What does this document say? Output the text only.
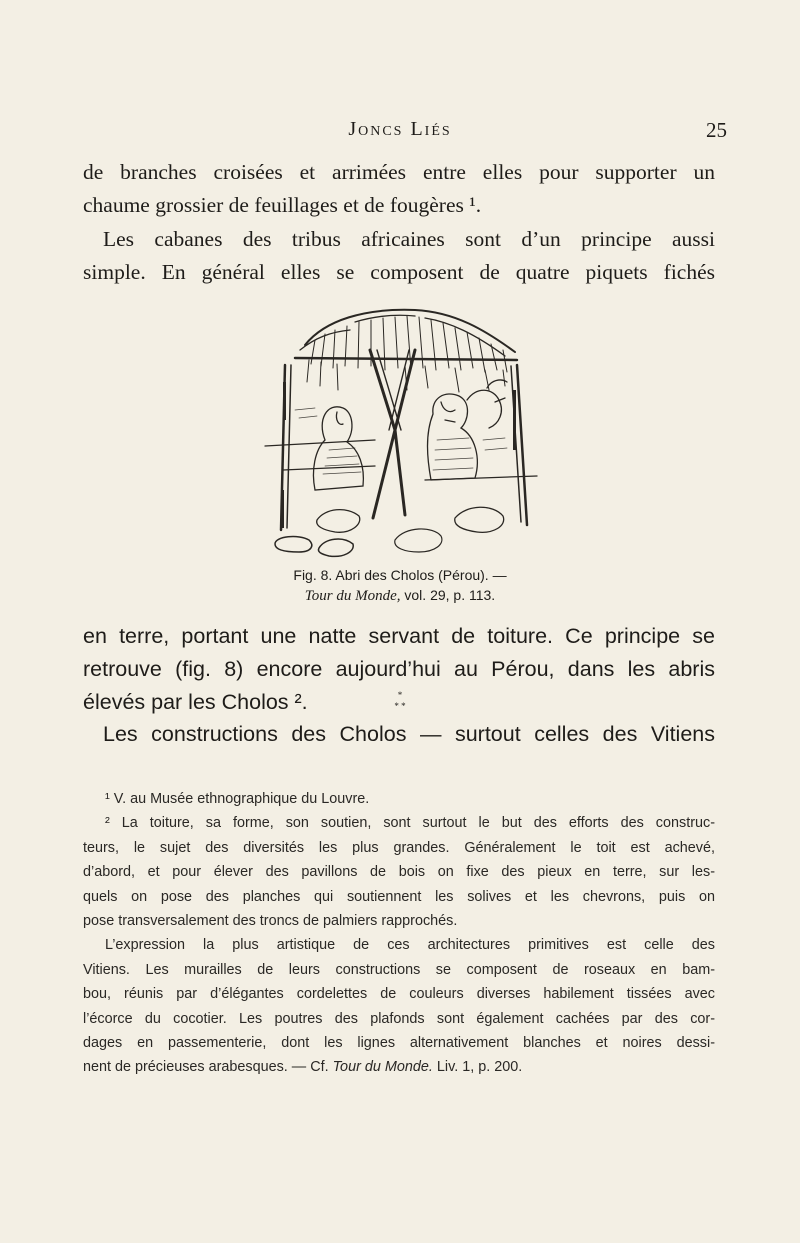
Joncs Liés	25
de branches croisées et arrimées entre elles pour supporter un
chaume grossier de feuillages et de fougères ¹.
Les cabanes des tribus africaines sont d’un principe aussi
simple. En général elles se composent de quatre piquets fichés
Fig. 8. Abri des Cholos (Pérou). —
Tour du Monde, vol. 29, p. 113.
en terre, portant une natte servant de toiture. Ce principe se
retrouve (fig. 8) encore aujourd’hui au Pérou, dans les abris
élevés par les Cholos ².	*
* *
Les constructions des Cholos — surtout celles des Vitiens
¹ V. au Musée ethnographique du Louvre.
² La toiture, sa forme, son soutien, sont surtout le but des efforts des construc-
teurs, le sujet des diversités les plus grandes. Généralement le toit est achevé,
d’abord, et pour élever des pavillons de bois on fixe des pieux en terre, sur les-
quels on pose des planches qui soutiennent les solives et les chevrons, puis on
pose transversalement des troncs de palmiers rapprochés.
L’expression la plus artistique de ces architectures primitives est celle des
Vitiens. Les murailles de leurs constructions se composent de roseaux en bam-
bou, réunis par d’élégantes cordelettes de couleurs diverses habilement tissées avec
l’écorce du cocotier. Les poutres des plafonds sont également cachées par des cor-
dages en passementerie, dont les lignes alternativement blanches et noires dessi-
nent de précieuses arabesques. — Cf. Tour du Monde. Liv. 1, p. 200.
